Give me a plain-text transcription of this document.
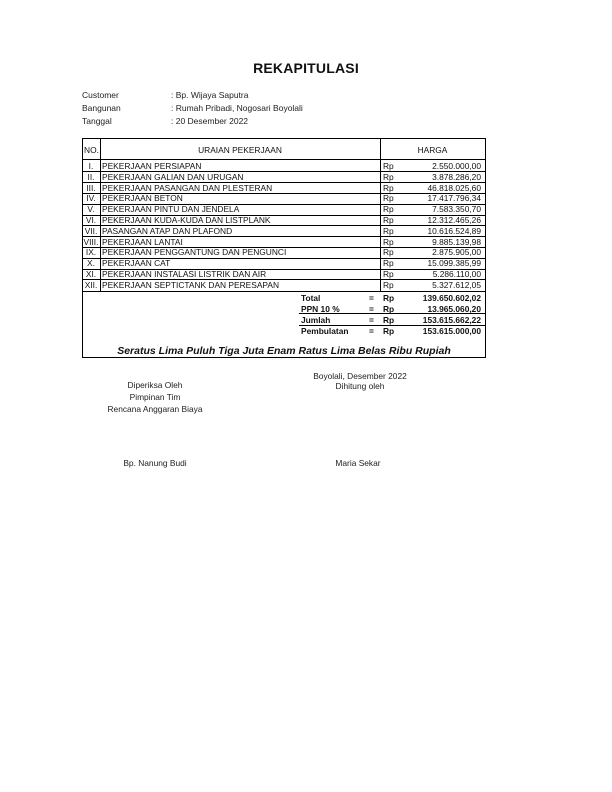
REKAPITULASI
Customer	: Bp. Wijaya Saputra
Bangunan	: Rumah Pribadi, Nogosari Boyolali
Tanggal	: 20 Desember 2022
NO.	URAIAN PEKERJAAN	HARGA
I.	PEKERJAAN PERSIAPAN	Rp	2.550.000,00
II. PEKERJAAN GALIAN DAN URUGAN	Rp	3.878.286,20
III. PEKERJAAN PASANGAN DAN PLESTERAN	Rp	46.818.025,60
IV. PEKERJAAN BETON	Rp	17.417.796,34
V. PEKERJAAN PINTU DAN JENDELA	Rp	7.583.350,70
VI. PEKERJAAN KUDA-KUDA DAN LISTPLANK	Rp	12.312.465,26
VII. PASANGAN ATAP DAN PLAFOND	Rp	10.616.524,89
VIII. PEKERJAAN LANTAI	Rp	9.885.139,98
IX. PEKERJAAN PENGGANTUNG DAN PENGUNCI	Rp	2.875.905,00
X. PEKERJAAN CAT	Rp	15.099.385,99
XI. PEKERJAAN INSTALASI LISTRIK DAN AIR	Rp	5.286.110,00
XII. PEKERJAAN SEPTICTANK DAN PERESAPAN	Rp	5.327.612,05
Total	= Rp	139.650.602,02
PPN 10 %	= Rp	13.965.060,20
Jumlah	= Rp	153.615.662,22
Pembulatan = Rp	153.615.000,00
Seratus Lima Puluh Tiga Juta Enam Ratus Lima Belas Ribu Rupiah
Boyolali, Desember 2022
Diperiksa Oleh
Pimpinan Tim
Rencana Anggaran Biaya
Dihitung oleh
Bp. Nanung Budi	Maria Sekar
